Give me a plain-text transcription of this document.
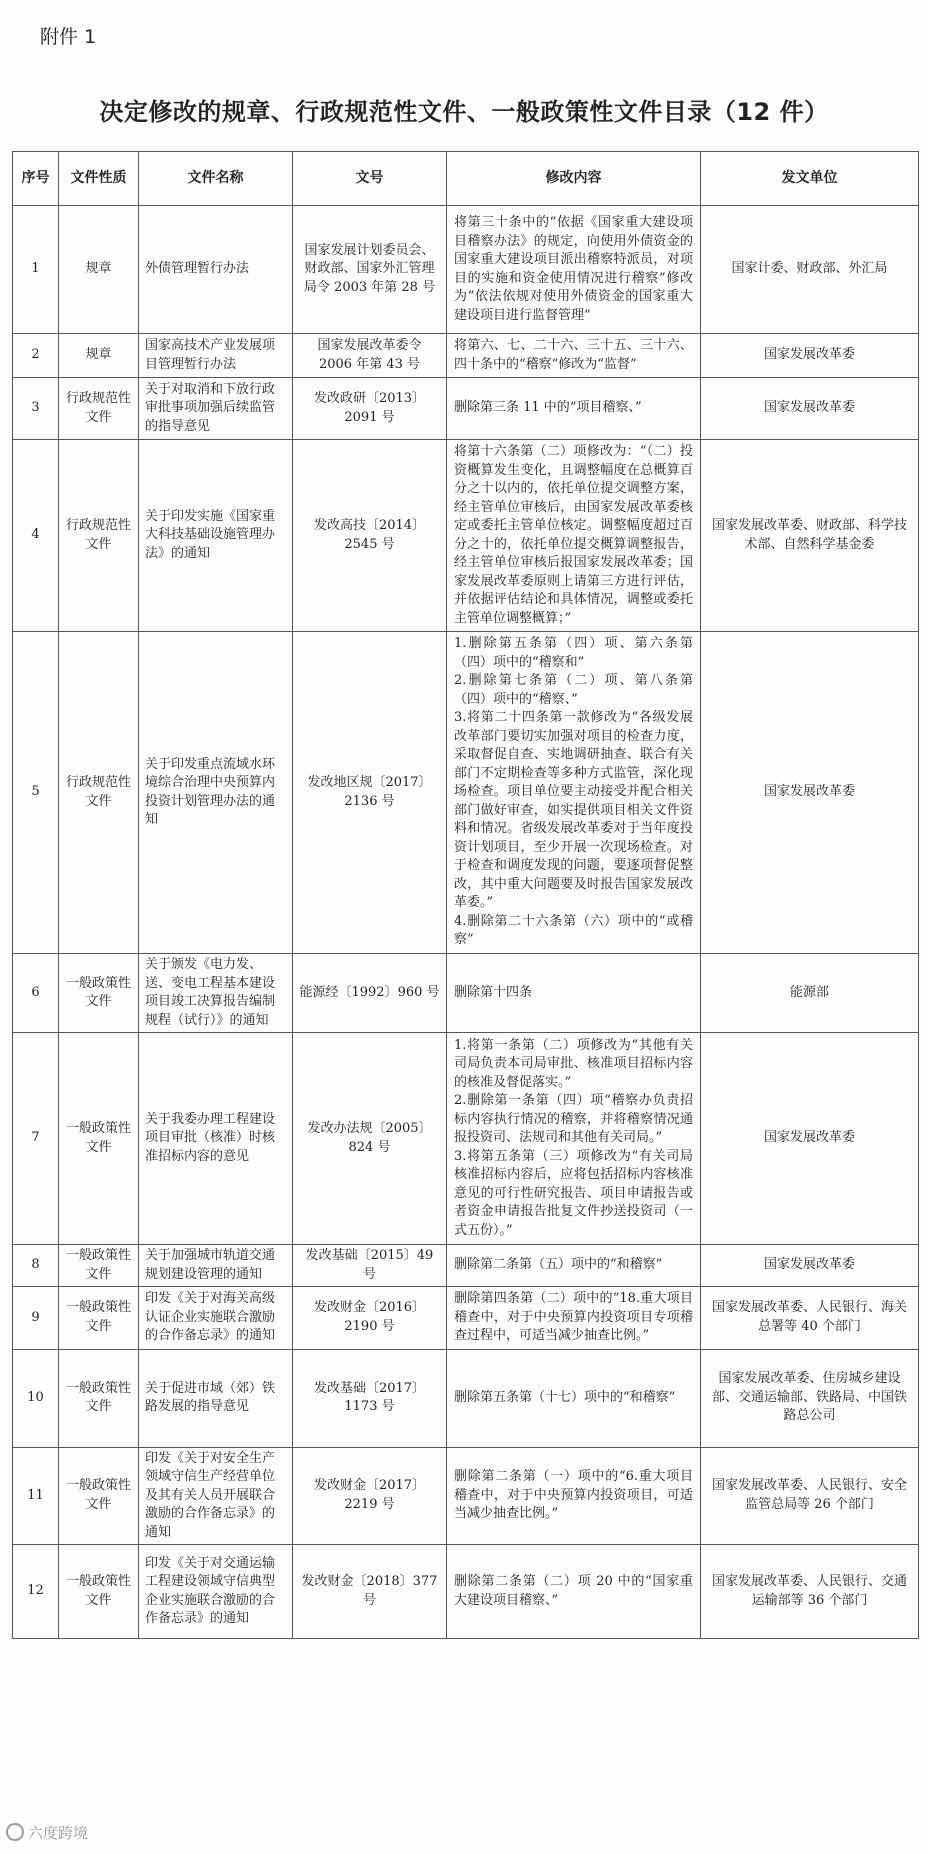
附件 1
决定修改的规章、行政规范性文件、一般政策性文件目录（12 件）
序号	文件性质	文件名称	文号	修改内容	发文单位
1	规章	外债管理暂行办法	国家发展计划委员会、财政部、国家外汇管理局令 2003 年第 28 号	将第三十条中的“依据《国家重大建设项目稽察办法》的规定，向使用外债资金的国家重大建设项目派出稽察特派员，对项目的实施和资金使用情况进行稽察”修改为“依法依规对使用外债资金的国家重大建设项目进行监督管理”	国家计委、财政部、外汇局
2	规章	国家高技术产业发展项目管理暂行办法	国家发展改革委令 2006 年第 43 号	将第六、七、二十六、三十五、三十六、四十条中的“稽察”修改为“监督”	国家发展改革委
3	行政规范性文件	关于对取消和下放行政审批事项加强后续监管的指导意见	发改政研〔2013〕2091 号	删除第三条 11 中的“项目稽察、”	国家发展改革委
4	行政规范性文件	关于印发实施《国家重大科技基础设施管理办法》的通知	发改高技〔2014〕2545 号	将第十六条第（二）项修改为：“（二）投资概算发生变化，且调整幅度在总概算百分之十以内的，依托单位提交调整方案，经主管单位审核后，由国家发展改革委核定或委托主管单位核定。调整幅度超过百分之十的，依托单位提交概算调整报告，经主管单位审核后报国家发展改革委；国家发展改革委原则上请第三方进行评估，并依据评估结论和具体情况，调整或委托主管单位调整概算；”	国家发展改革委、财政部、科学技术部、自然科学基金委
5	行政规范性文件	关于印发重点流域水环境综合治理中央预算内投资计划管理办法的通知	发改地区规〔2017〕2136 号	1.删除第五条第（四）项、第六条第（四）项中的“稽察和”
2.删除第七条第（二）项、第八条第（四）项中的“稽察、”
3.将第二十四条第一款修改为“各级发展改革部门要切实加强对项目的检查力度，采取督促自查、实地调研抽查、联合有关部门不定期检查等多种方式监管，深化现场检查。项目单位要主动接受并配合相关部门做好审查，如实提供项目相关文件资料和情况。省级发展改革委对于当年度投资计划项目，至少开展一次现场检查。对于检查和调度发现的问题，要逐项督促整改，其中重大问题要及时报告国家发展改革委。”
4.删除第二十六条第（六）项中的“或稽察”	国家发展改革委
6	一般政策性文件	关于颁发《电力发、送、变电工程基本建设项目竣工决算报告编制规程（试行）》的通知	能源经〔1992〕960 号	删除第十四条	能源部
7	一般政策性文件	关于我委办理工程建设项目审批（核准）时核准招标内容的意见	发改办法规〔2005〕824 号	1.将第一条第（二）项修改为“其他有关司局负责本司局审批、核准项目招标内容的核准及督促落实。”
2.删除第一条第（四）项“稽察办负责招标内容执行情况的稽察，并将稽察情况通报投资司、法规司和其他有关司局。”
3.将第五条第（三）项修改为“有关司局核准招标内容后，应将包括招标内容核准意见的可行性研究报告、项目申请报告或者资金申请报告批复文件抄送投资司（一式五份）。”	国家发展改革委
8	一般政策性文件	关于加强城市轨道交通规划建设管理的通知	发改基础〔2015〕49 号	删除第二条第（五）项中的“和稽察”	国家发展改革委
9	一般政策性文件	印发《关于对海关高级认证企业实施联合激励的合作备忘录》的通知	发改财金〔2016〕2190 号	删除第四条第（二）项中的“18.重大项目稽查中，对于中央预算内投资项目专项稽查过程中，可适当减少抽查比例。”	国家发展改革委、人民银行、海关总署等 40 个部门
10	一般政策性文件	关于促进市域（郊）铁路发展的指导意见	发改基础〔2017〕1173 号	删除第五条第（十七）项中的“和稽察”	国家发展改革委、住房城乡建设部、交通运输部、铁路局、中国铁路总公司
11	一般政策性文件	印发《关于对安全生产领域守信生产经营单位及其有关人员开展联合激励的合作备忘录》的通知	发改财金〔2017〕2219 号	删除第二条第（一）项中的“6.重大项目稽查中，对于中央预算内投资项目，可适当减少抽查比例。”	国家发展改革委、人民银行、安全监管总局等 26 个部门
12	一般政策性文件	印发《关于对交通运输工程建设领域守信典型企业实施联合激励的合作备忘录》的通知	发改财金〔2018〕377 号	删除第二条第（二）项 20 中的“国家重大建设项目稽察、”	国家发展改革委、人民银行、交通运输部等 36 个部门
六度跨境
